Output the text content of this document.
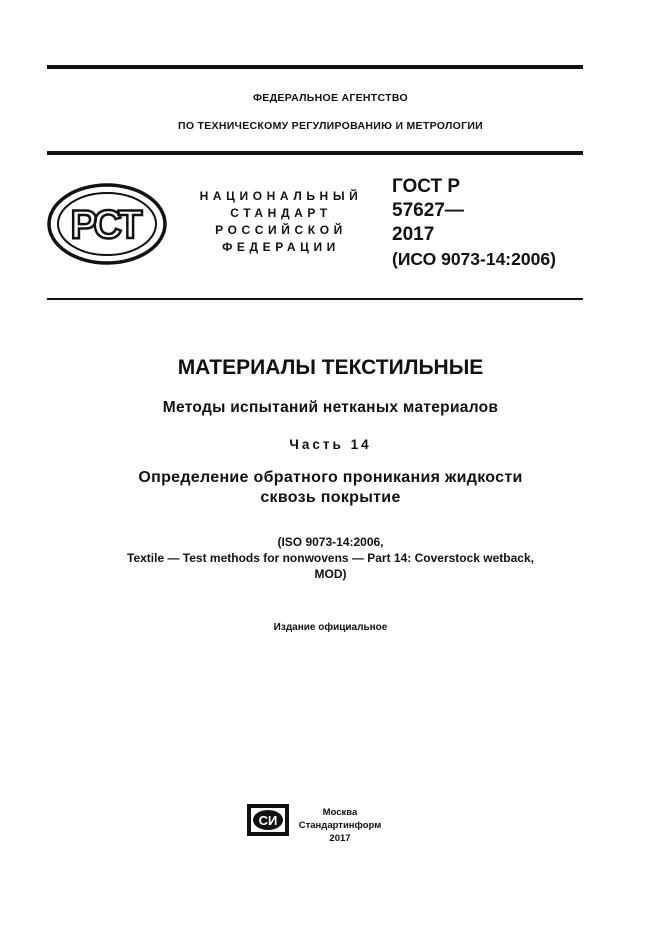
ФЕДЕРАЛЬНОЕ АГЕНТСТВО
ПО ТЕХНИЧЕСКОМУ РЕГУЛИРОВАНИЮ И МЕТРОЛОГИИ
РСТ
НАЦИОНАЛЬНЫЙ
СТАНДАРТ
РОССИЙСКОЙ
ФЕДЕРАЦИИ
ГОСТ Р
57627—
2017
(ИСО 9073-14:2006)
МАТЕРИАЛЫ ТЕКСТИЛЬНЫЕ
Методы испытаний нетканых материалов
Часть 14
Определение обратного проникания жидкости
сквозь покрытие
(ISO 9073-14:2006,
Textile — Test methods for nonwovens — Part 14: Coverstock wetback,
MOD)
Издание официальное
СИ
Москва
Стандартинформ
2017
